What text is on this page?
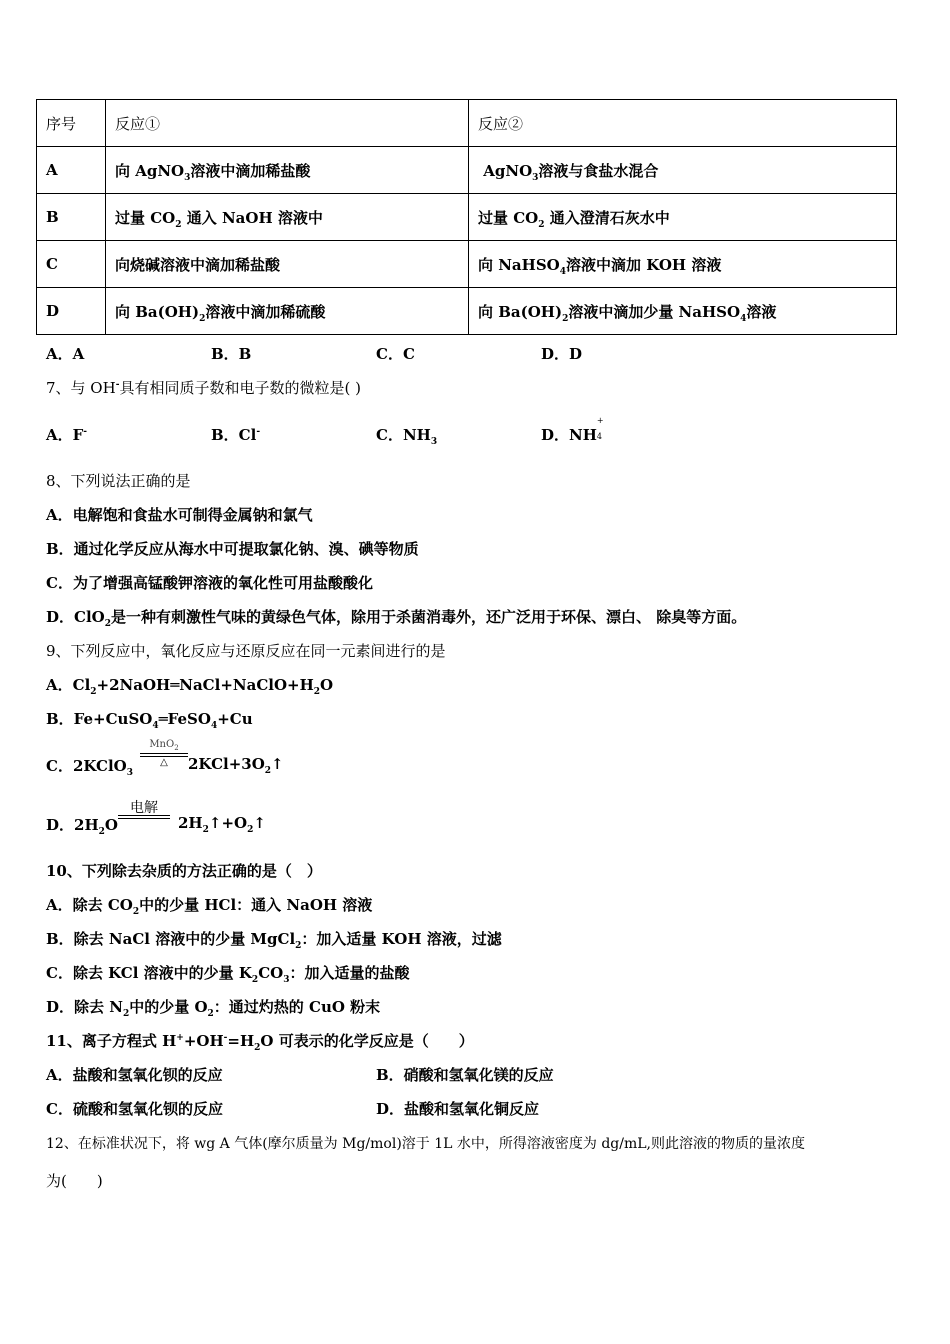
序号	反应①	反应②
A	向 AgNO$_3$溶液中滴加稀盐酸	AgNO$_3$溶液与食盐水混合
B	过量 $CO_2$ 通入 NaOH 溶液中	过量 $CO_2$ 通入澄清石灰水中
C	向烧碱溶液中滴加稀盐酸	向 NaHSO$_4$溶液中滴加 KOH 溶液
D	向 $Ba(OH)_2$溶液中滴加稀硫酸	向 $Ba(OH)_2$溶液中滴加少量 NaHSO$_4$溶液
A．A	B．B	C．C	D．D
7、与 OH-具有相同质子数和电子数的微粒是( )
A．F-	B．Cl-	C．$NH_3$	D．NH
+
4
8、下列说法正确的是
A．电解饱和食盐水可制得金属钠和氯气
B．通过化学反应从海水中可提取氯化钠、溴、碘等物质
C．为了增强高锰酸钾溶液的氧化性可用盐酸酸化
D．ClO$_2$是一种有刺激性气味的黄绿色气体，除用于杀菌消毒外，还广泛用于环保、漂白、 除臭等方面。
9、下列反应中，氧化反应与还原反应在同一元素间进行的是
A．$Cl_2+2NaOH═NaCl+NaClO+H_2O$
B．Fe+CuSO$_4$═FeSO$_4$+Cu
C．2KClO$_3$
MnO$_2$
△	$2KCl+3O_2↑$
D．$2H_2O$
电解
$2H_2↑+O_2↑$
10、下列除去杂质的方法正确的是（　）
A．除去 $CO_2$中的少量 HCl：通入 NaOH 溶液
B．除去 NaCl 溶液中的少量 MgCl$_2$：加入适量 KOH 溶液，过滤
C．除去 KCl 溶液中的少量 $K_2CO_3$：加入适量的盐酸
D．除去 $N_2$中的少量 $O_2$：通过灼热的 CuO 粉末
11、离子方程式 $H^++OH^-=H_2O$ 可表示的化学反应是（　　）
A．盐酸和氢氧化钡的反应	B．硝酸和氢氧化镁的反应
C．硫酸和氢氧化钡的反应	D．盐酸和氢氧化铜反应
12、在标准状况下，将 wg A 气体(摩尔质量为 Mg/mol)溶于 1L 水中，所得溶液密度为 dg/mL,则此溶液的物质的量浓度
为(　　)
